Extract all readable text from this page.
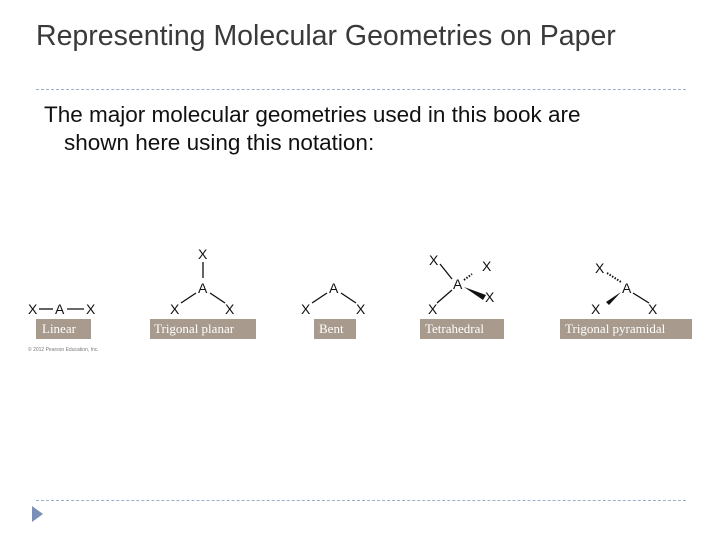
Representing Molecular Geometries on Paper
The major molecular geometries used in this book are
shown here using this notation:
X A X
Linear
© 2012 Pearson Education, Inc.
X
A
X	X
Trigonal planar
A
X	X
Bent
X	X
A
X
X
Tetrahedral
X
A
X	X
Trigonal pyramidal
